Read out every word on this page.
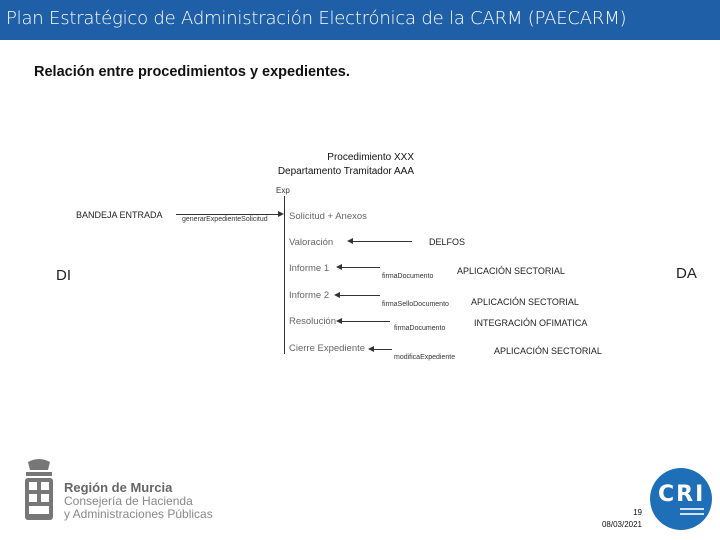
Plan Estratégico de Administración Electrónica de la CARM (PAECARM)
Relación entre procedimientos y expedientes.
Procedimiento XXX
Departamento Tramitador AAA
Exp
BANDEJA ENTRADA	generarExpedienteSolicitud
DI	DA
Solicitud + Anexos
Valoración
Informe 1
Informe 2
Resolución
Cierre Expediente
DELFOS
firmaDocumento
APLICACIÓN SECTORIAL
firmaSelloDocumento APLICACIÓN SECTORIAL
firmaDocumento
INTEGRACIÓN OFIMATICA
modificaExpediente
APLICACIÓN SECTORIAL
Región de Murcia
Consejería de Hacienda
y Administraciones Públicas	19
08/03/2021
CRI
